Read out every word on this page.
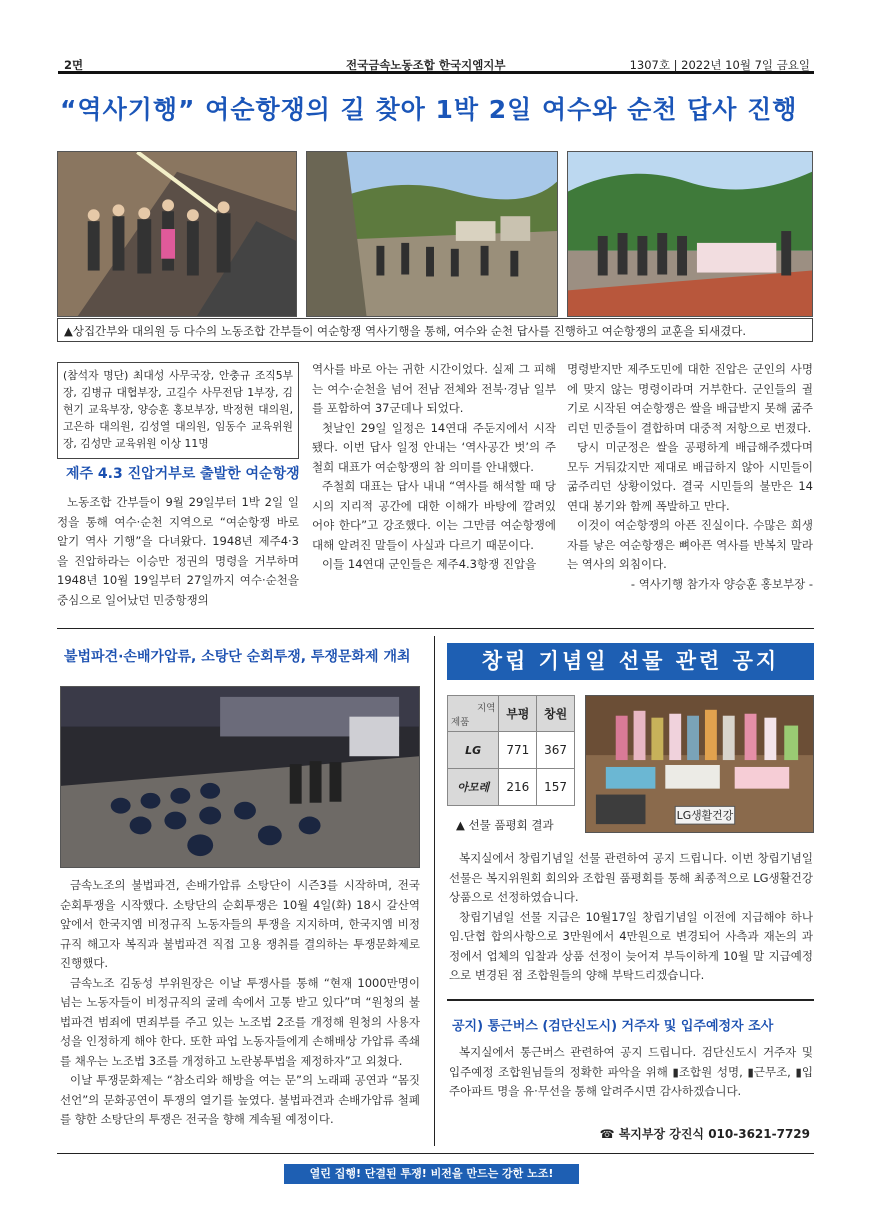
2면	전국금속노동조합 한국지엠지부	1307호 | 2022년 10월 7일 금요일
“역사기행” 여순항쟁의 길 찾아 1박 2일 여수와 순천 답사 진행
▲상집간부와 대의원 등 다수의 노동조합 간부들이 여순항쟁 역사기행을 통해, 여수와 순천 답사를 진행하고 여순항쟁의 교훈을 되새겼다.
(참석자 명단) 최대성 사무국장, 안충규 조직5부장, 김병규 대협부장, 고길수 사무전담 1부장, 김현기 교육부장, 양승훈 홍보부장, 박정현 대의원, 고은하 대의원, 김성열 대의원, 임동수 교육위원장, 김성만 교육위원 이상 11명
제주 4.3 진압거부로 출발한 여순항쟁

노동조합 간부들이 9월 29일부터 1박 2일 일정을 통해 여수·순천 지역으로 “여순항쟁 바로 알기 역사 기행”을 다녀왔다. 1948년 제주4·3을 진압하라는 이승만 정권의 명령을 거부하며 1948년 10월 19일부터 27일까지 여수·순천을 중심으로 일어났던 민중항쟁의

역사를 바로 아는 귀한 시간이었다. 실제 그 피해는 여수·순천을 넘어 전남 전체와 전북·경남 일부를 포함하여 37군데나 되었다.

첫날인 29일 일정은 14연대 주둔지에서 시작됐다. 이번 답사 일정 안내는 ‘역사공간 벗’의 주철희 대표가 여순항쟁의 참 의미를 안내했다.

주철희 대표는 답사 내내 “역사를 해석할 때 당시의 지리적 공간에 대한 이해가 바탕에 깔려있어야 한다”고 강조했다. 이는 그만큼 여순항쟁에 대해 알려진 말들이 사실과 다르기 때문이다.

이들 14연대 군인들은 제주4.3항쟁 진압을

명령받지만 제주도민에 대한 진압은 군인의 사명에 맞지 않는 명령이라며 거부한다. 군인들의 궐기로 시작된 여순항쟁은 쌀을 배급받지 못해 굶주리던 민중들이 결합하며 대중적 저항으로 번졌다.

당시 미군정은 쌀을 공평하게 배급해주겠다며 모두 거둬갔지만 제대로 배급하지 않아 시민들이 굶주리던 상황이었다. 결국 시민들의 불만은 14연대 봉기와 함께 폭발하고 만다.

이것이 여순항쟁의 아픈 진실이다. 수많은 희생자를 낳은 여순항쟁은 뼈아픈 역사를 반복치 말라는 역사의 외침이다.

- 역사기행 참가자 양승훈 홍보부장 -

불법파견·손배가압류, 소탕단 순회투쟁, 투쟁문화제 개최

금속노조의 불법파견, 손배가압류 소탕단이 시즌3를 시작하며, 전국 순회투쟁을 시작했다. 소탕단의 순회투쟁은 10월 4일(화) 18시 갈산역 앞에서 한국지엠 비정규직 노동자들의 투쟁을 지지하며, 한국지엠 비정규직 해고자 복직과 불법파견 직접 고용 쟁취를 결의하는 투쟁문화제로 진행했다.

금속노조 김동성 부위원장은 이날 투쟁사를 통해 “현재 1000만명이 넘는 노동자들이 비정규직의 굴레 속에서 고통 받고 있다”며 “원청의 불법파견 범죄에 면죄부를 주고 있는 노조법 2조를 개정해 원청의 사용자성을 인정하게 해야 한다. 또한 파업 노동자들에게 손해배상 가압류 족쇄를 채우는 노조법 3조를 개정하고 노란봉투법을 제정하자”고 외쳤다.

이날 투쟁문화제는 “참소리와 해방을 여는 문”의 노래패 공연과 “몸짓선언”의 문화공연이 투쟁의 열기를 높였다. 불법파견과 손배가압류 철폐를 향한 소탕단의 투쟁은 전국을 향해 계속될 예정이다.

창립 기념일 선물 관련 공지
지역
제품	부평	창원
LG	771	367
아모레	216	157
▲ 선물 품평회 결과
LG생활건강

복지실에서 창립기념일 선물 관련하여 공지 드립니다. 이번 창립기념일 선물은 복지위원회 회의와 조합원 품평회를 통해 최종적으로 LG생활건강 상품으로 선정하였습니다.

창립기념일 선물 지급은 10월17일 창립기념일 이전에 지급해야 하나 임.단협 합의사항으로 3만원에서 4만원으로 변경되어 사측과 재논의 과정에서 업체의 입찰과 상품 선정이 늦어져 부득이하게 10월 말 지급예정으로 변경된 점 조합원들의 양해 부탁드리겠습니다.

공지) 통근버스 (검단신도시) 거주자 및 입주예정자 조사

복지실에서 통근버스 관련하여 공지 드립니다. 검단신도시 거주자 및 입주예정 조합원님들의 정확한 파악을 위해 ▮조합원 성명, ▮근무조, ▮입주아파트 명을 유·무선을 통해 알려주시면 감사하겠습니다.

☎ 복지부장 강진식 010-3621-7729
열린 집행! 단결된 투쟁! 비전을 만드는 강한 노조!
